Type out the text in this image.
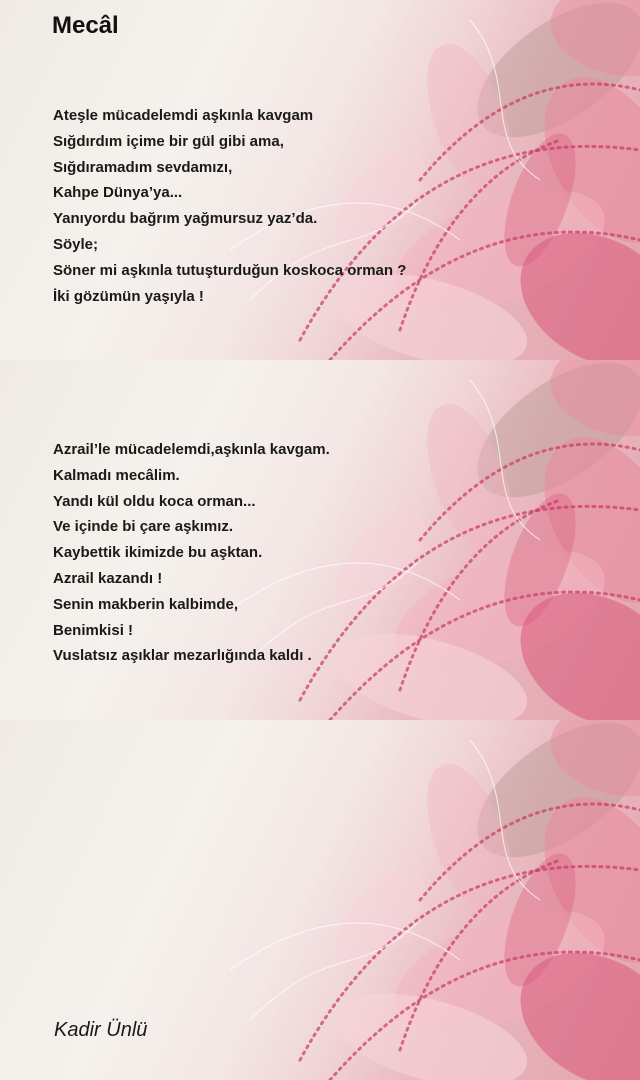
Mecâl

Ateşle mücadelemdi aşkınla kavgam
Sığdırdım içime bir gül gibi ama,
Sığdıramadım sevdamızı,
Kahpe Dünya’ya...
Yanıyordu bağrım yağmursuz yaz’da.
Söyle;
Söner mi aşkınla tutuşturduğun koskoca orman ?
İki gözümün yaşıyla !

Azrail’le mücadelemdi,aşkınla kavgam.
Kalmadı mecâlim.
Yandı kül oldu koca orman...
Ve içinde bi çare aşkımız.
Kaybettik ikimizde bu aşktan.
Azrail kazandı !
Senin makberin kalbimde,
Benimkisi !
Vuslatsız aşıklar mezarlığında kaldı .

Kadir Ünlü
